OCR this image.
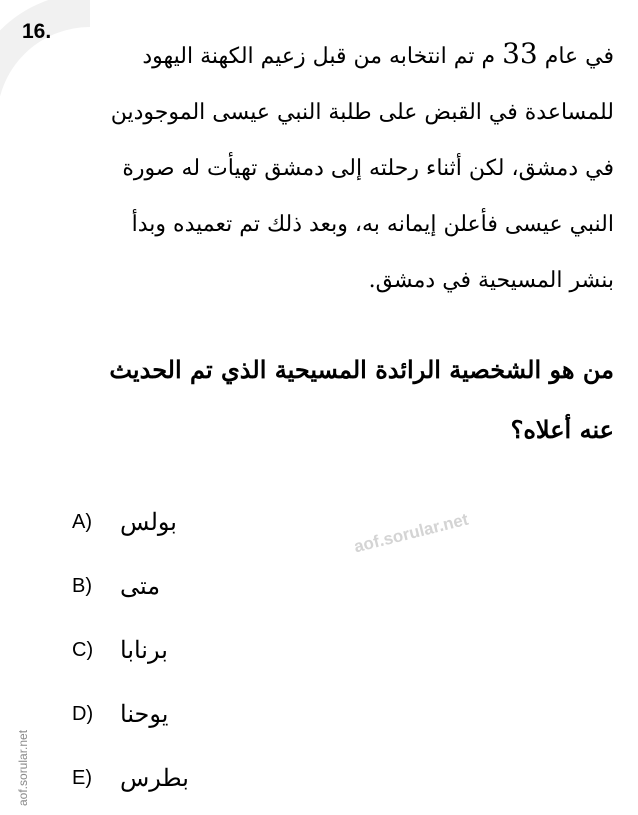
16.
في عام 33 م تم انتخابه من قبل زعيم الكهنة اليهود
للمساعدة في القبض على طلبة النبي عيسى الموجودين
في دمشق، لكن أثناء رحلته إلى دمشق تهيأت له صورة
النبي عيسى فأعلن إيمانه به، وبعد ذلك تم تعميده وبدأ
بنشر المسيحية في دمشق.
من هو الشخصية الرائدة المسيحية الذي تم الحديث
عنه أعلاه؟
A)	بولس
B)	متى
C)	برنابا
D)	يوحنا
E)	بطرس
aof.sorular.net
aof.sorular.net
